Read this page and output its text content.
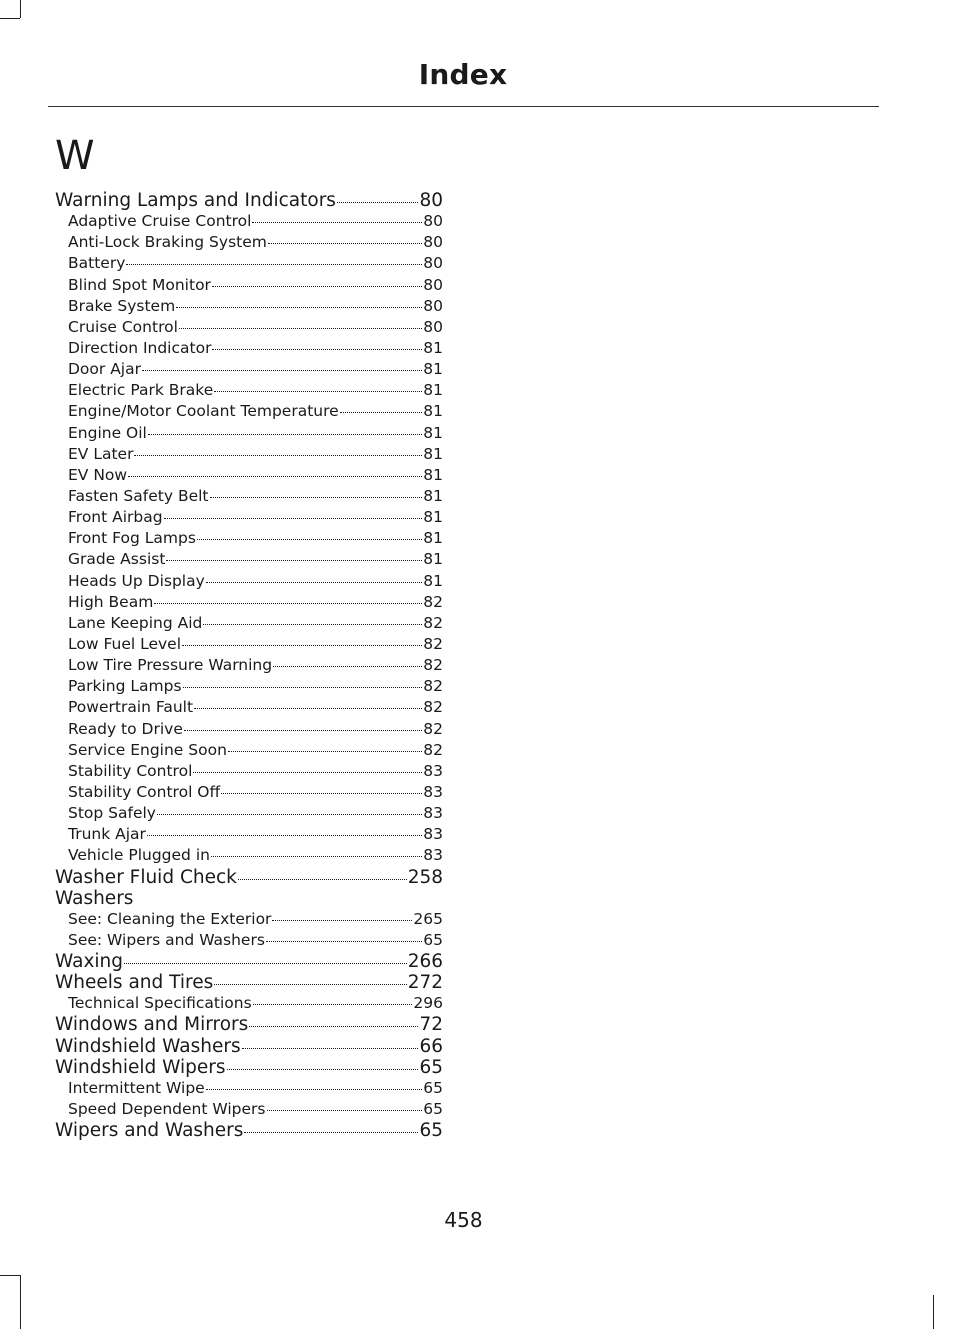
Index
W
Warning Lamps and Indicators	80
Adaptive Cruise Control	80
Anti-Lock Braking System	80
Battery	80
Blind Spot Monitor	80
Brake System	80
Cruise Control	80
Direction Indicator	81
Door Ajar	81
Electric Park Brake	81
Engine/Motor Coolant Temperature	81
Engine Oil	81
EV Later	81
EV Now	81
Fasten Safety Belt	81
Front Airbag	81
Front Fog Lamps	81
Grade Assist	81
Heads Up Display	81
High Beam	82
Lane Keeping Aid	82
Low Fuel Level	82
Low Tire Pressure Warning	82
Parking Lamps	82
Powertrain Fault	82
Ready to Drive	82
Service Engine Soon	82
Stability Control	83
Stability Control Off	83
Stop Safely	83
Trunk Ajar	83
Vehicle Plugged in	83
Washer Fluid Check	258
Washers
See: Cleaning the Exterior	265
See: Wipers and Washers	65
Waxing	266
Wheels and Tires	272
Technical Specifications	296
Windows and Mirrors	72
Windshield Washers	66
Windshield Wipers	65
Intermittent Wipe	65
Speed Dependent Wipers	65
Wipers and Washers	65
458
